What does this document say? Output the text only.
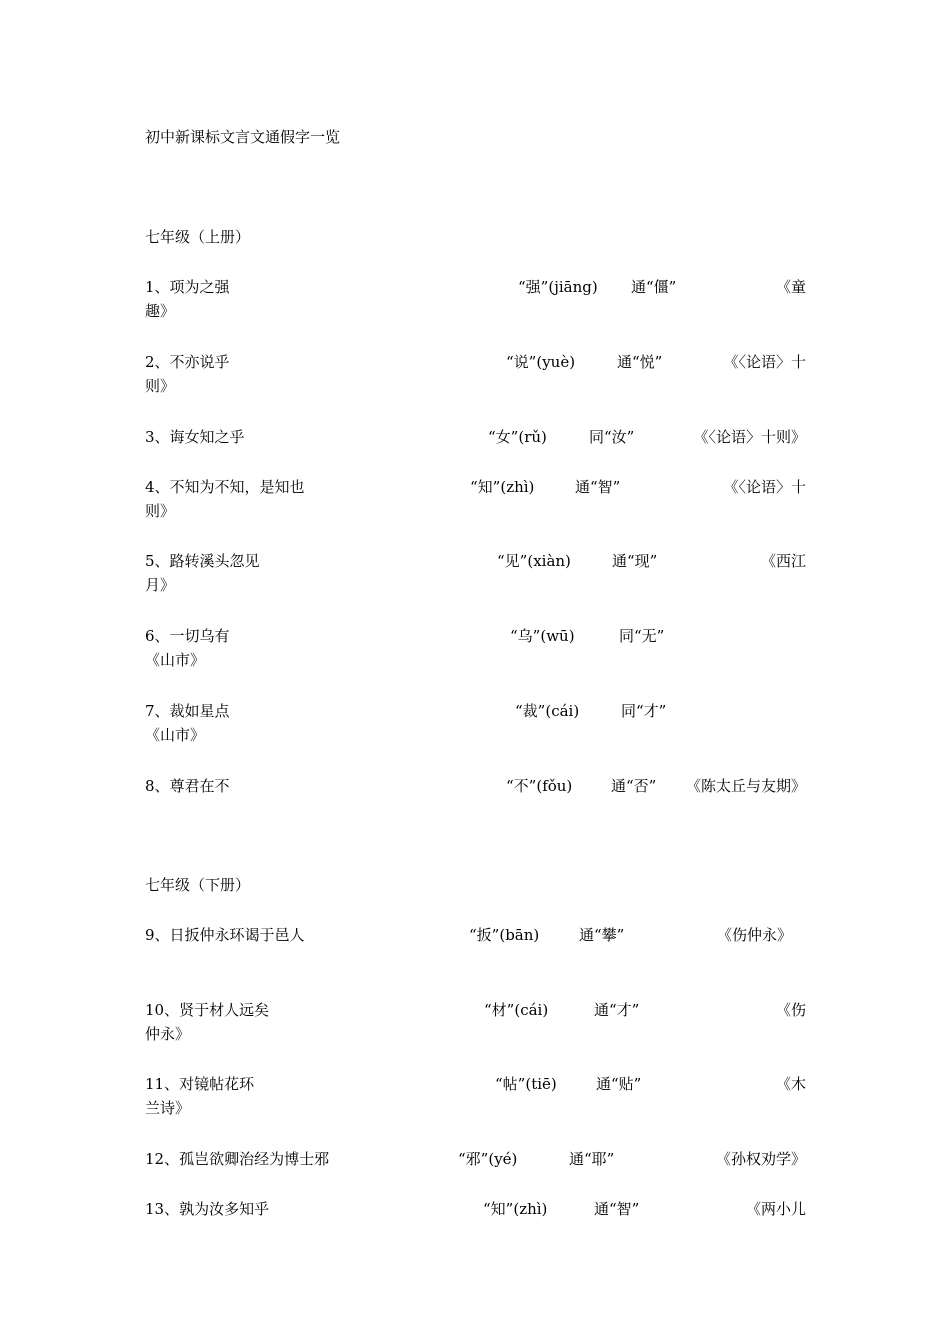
初中新课标文言文通假字一览
七年级（上册）
1、项为之强	“强”(jiāng) 通“僵”	《童
趣》
2、不亦说乎	“说”(yuè)	通“悦”	《〈论语〉十
则》
3、诲女知之乎	“女”(rǔ)	同“汝”	《〈论语〉十则》
4、不知为不知，是知也	“知”(zhì)	通“智”	《〈论语〉十
则》
5、路转溪头忽见	“见”(xiàn)	通“现”	《西江
月》
6、一切乌有	“乌”(wū)	同“无”
《山市》
7、裁如星点	“裁”(cái)	同“才”
《山市》
8、尊君在不	“不”(fǒu)	通“否” 《陈太丘与友期》
七年级（下册）
9、日扳仲永环谒于邑人	“扳”(bān)	通“攀”	《伤仲永》
10、贤于材人远矣	“材”(cái)	通“才”	《伤
仲永》
11、对镜帖花环	“帖”(tiē)	通“贴”	《木
兰诗》
12、孤岂欲卿治经为博士邪	“邪”(yé)	通“耶”	《孙权劝学》
13、孰为汝多知乎	“知”(zhì)	通“智”	《两小儿
